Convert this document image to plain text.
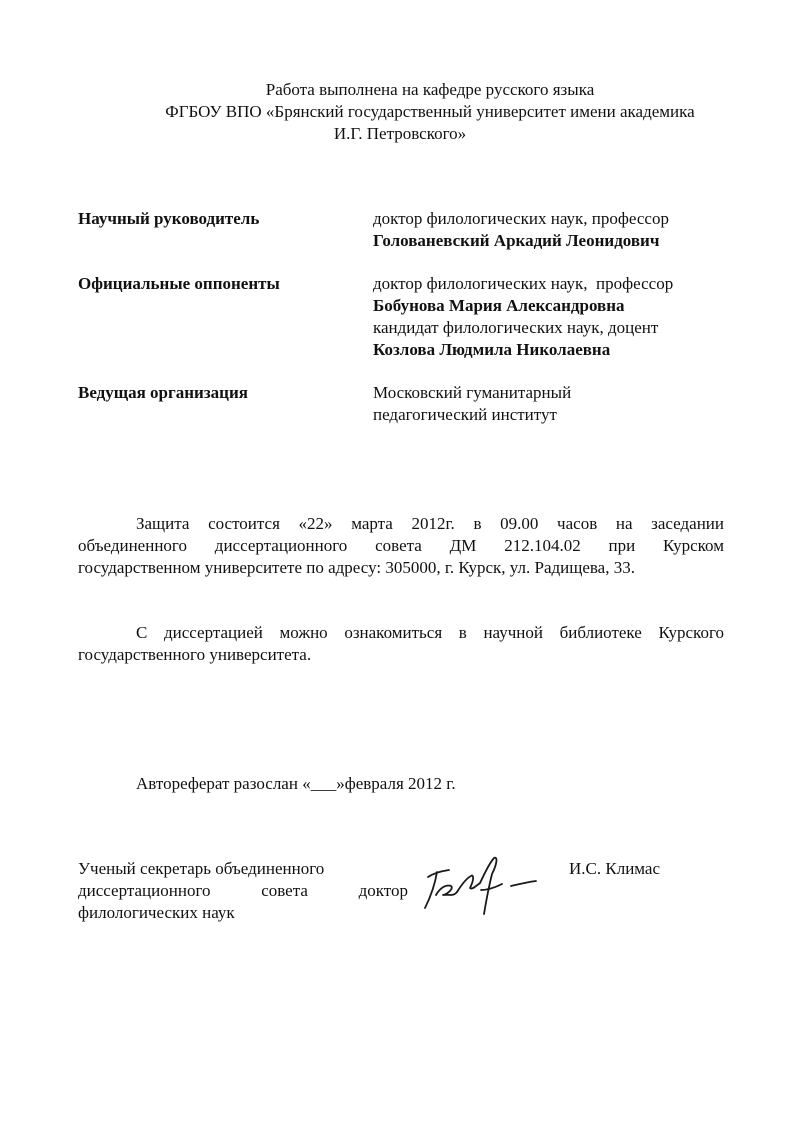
Работа выполнена на кафедре русского языка
ФГБОУ ВПО «Брянский государственный университет имени академика
И.Г. Петровского»
Научный руководитель	доктор филологических наук, профессор
Голованевский Аркадий Леонидович
Официальные оппоненты	доктор филологических наук,  профессор
Бобунова Мария Александровна
кандидат филологических наук, доцент
Козлова Людмила Николаевна
Ведущая организация	Московский гуманитарный
педагогический институт
Защита состоится «22» марта 2012г. в 09.00 часов на заседании
объединенного диссертационного совета ДМ 212.104.02 при Курском
государственном университете по адресу: 305000, г. Курск, ул. Радищева, 33.
С диссертацией можно ознакомиться в научной библиотеке Курского
государственного университета.
Автореферат разослан «___»февраля 2012 г.
Ученый секретарь объединенного
диссертационного	совета	доктор
филологических наук
И.С. Климас
